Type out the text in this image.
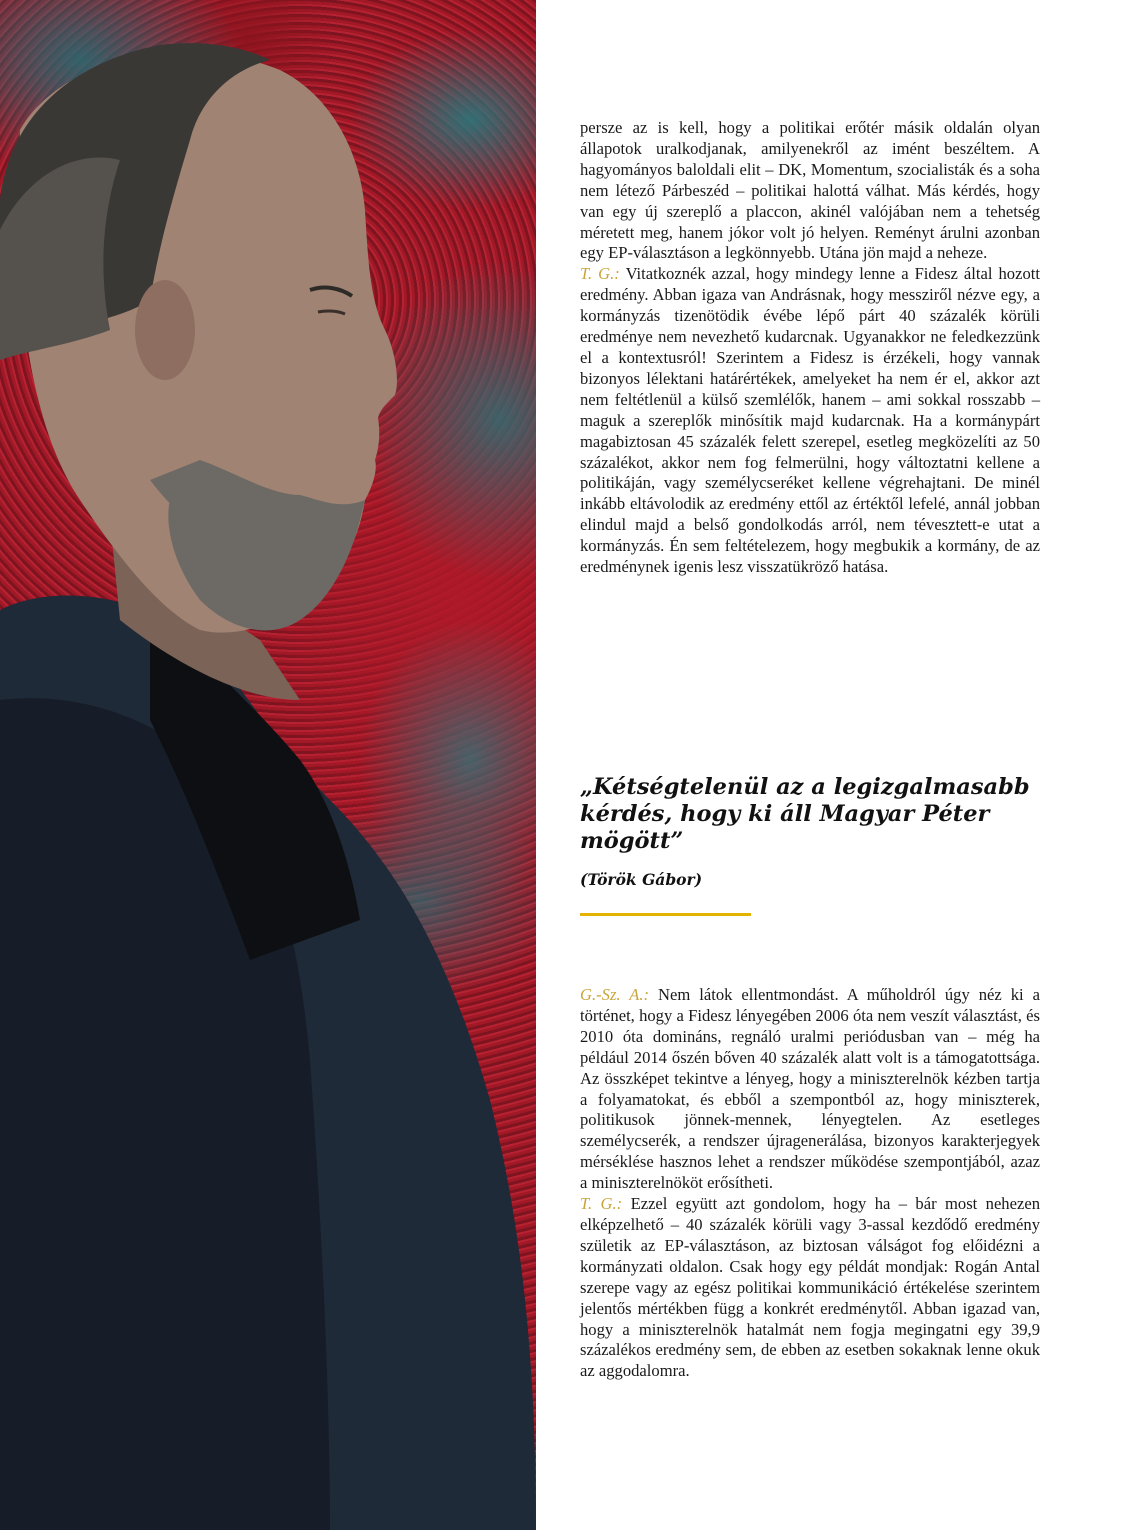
persze az is kell, hogy a politikai erőtér másik oldalán olyan állapotok uralkodjanak, amilyenekről az imént beszéltem. A hagyományos baloldali elit – DK, Momentum, szocialisták és a soha nem létező Párbeszéd – politikai halottá válhat. Más kérdés, hogy van egy új szereplő a placcon, akinél valójában nem a tehetség méretett meg, hanem jókor volt jó helyen. Reményt árulni azonban egy EP-választáson a legkönnyebb. Utána jön majd a neheze.

T. G.: Vitatkoznék azzal, hogy mindegy lenne a Fidesz által hozott eredmény. Abban igaza van Andrásnak, hogy messziről nézve egy, a kormányzás tizenötödik évébe lépő párt 40 százalék körüli eredménye nem nevezhető kudarcnak. Ugyanakkor ne feledkezzünk el a kontextusról! Szerintem a Fidesz is érzékeli, hogy vannak bizonyos lélektani határértékek, amelyeket ha nem ér el, akkor azt nem feltétlenül a külső szemlélők, hanem – ami sokkal rosszabb – maguk a szereplők minősítik majd kudarcnak. Ha a kormánypárt magabiztosan 45 százalék felett szerepel, esetleg megközelíti az 50 százalékot, akkor nem fog felmerülni, hogy változtatni kellene a politikáján, vagy személycseréket kellene végrehajtani. De minél inkább eltávolodik az eredmény ettől az értéktől lefelé, annál jobban elindul majd a belső gondolkodás arról, nem tévesztett-e utat a kormányzás. Én sem feltételezem, hogy megbukik a kormány, de az eredménynek igenis lesz visszatükröző hatása.

„Kétségtelenül az a legizgalmasabb kérdés, hogy ki áll Magyar Péter mögött”
(Török Gábor)

G.-Sz. A.: Nem látok ellentmondást. A műholdról úgy néz ki a történet, hogy a Fidesz lényegében 2006 óta nem veszít választást, és 2010 óta domináns, regnáló uralmi periódusban van – még ha például 2014 őszén bőven 40 százalék alatt volt is a támogatottsága. Az összképet tekintve a lényeg, hogy a miniszterelnök kézben tartja a folyamatokat, és ebből a szempontból az, hogy miniszterek, politikusok jönnek-mennek, lényegtelen. Az esetleges személycserék, a rendszer újragenerálása, bizonyos karakterjegyek mérséklése hasznos lehet a rendszer működése szempontjából, azaz a miniszterelnököt erősítheti.

T. G.: Ezzel együtt azt gondolom, hogy ha – bár most nehezen elképzelhető – 40 százalék körüli vagy 3-assal kezdődő eredmény születik az EP-választáson, az biztosan válságot fog előidézni a kormányzati oldalon. Csak hogy egy példát mondjak: Rogán Antal szerepe vagy az egész politikai kommunikáció értékelése szerintem jelentős mértékben függ a konkrét eredménytől. Abban igazad van, hogy a miniszterelnök hatalmát nem fogja megingatni egy 39,9 százalékos eredmény sem, de ebben az esetben sokaknak lenne okuk az aggodalomra.
